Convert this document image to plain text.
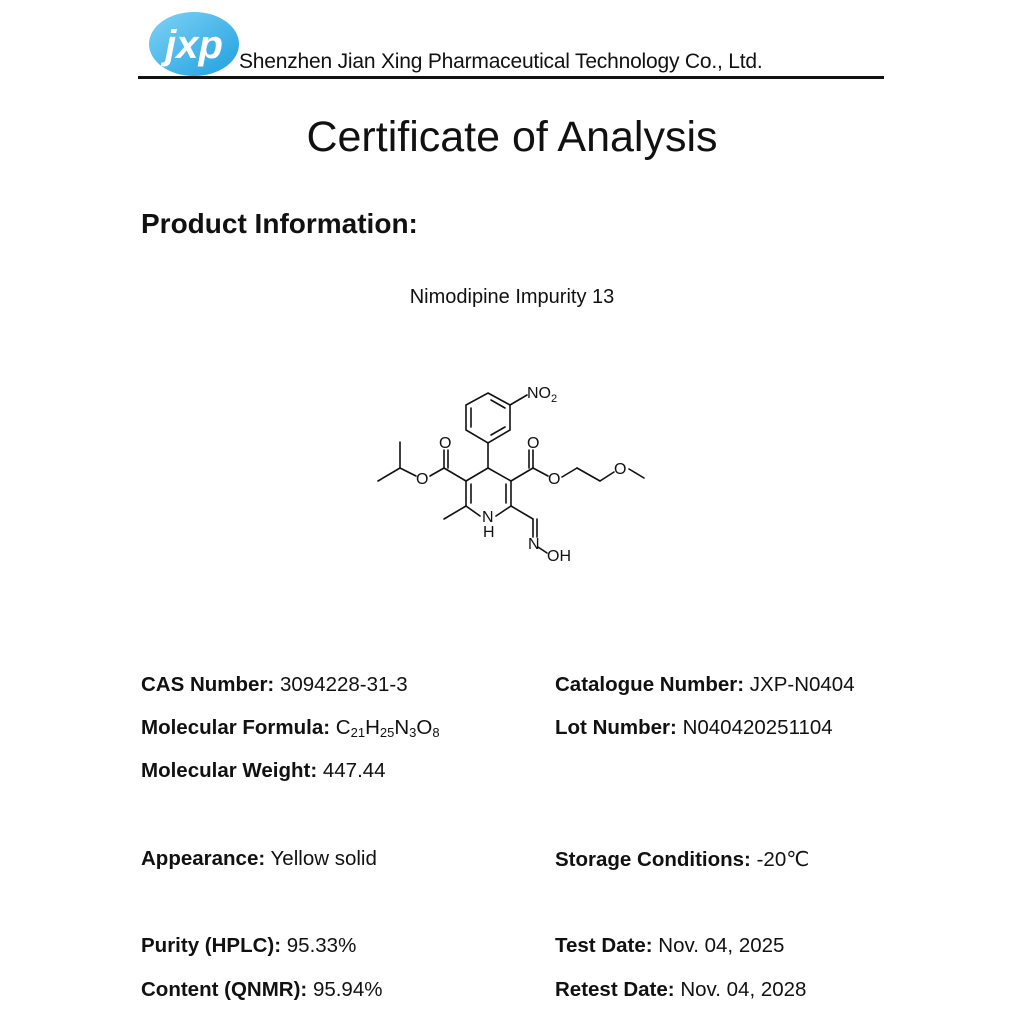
jxp Shenzhen Jian Xing Pharmaceutical Technology Co., Ltd.
Certificate of Analysis
Product Information:
Nimodipine Impurity 13
$NO_2$
O
O
O
O
O
N
H
N
OH
CAS Number: 3094228-31-3	Catalogue Number: JXP-N0404
Molecular Formula: $C_{21}H_{25}N_3O_8$	Lot Number: N040420251104
Molecular Weight: 447.44
Appearance: Yellow solid	Storage Conditions: -20℃
Purity (HPLC): 95.33%	Test Date: Nov. 04, 2025
Content (QNMR): 95.94%	Retest Date: Nov. 04, 2028
